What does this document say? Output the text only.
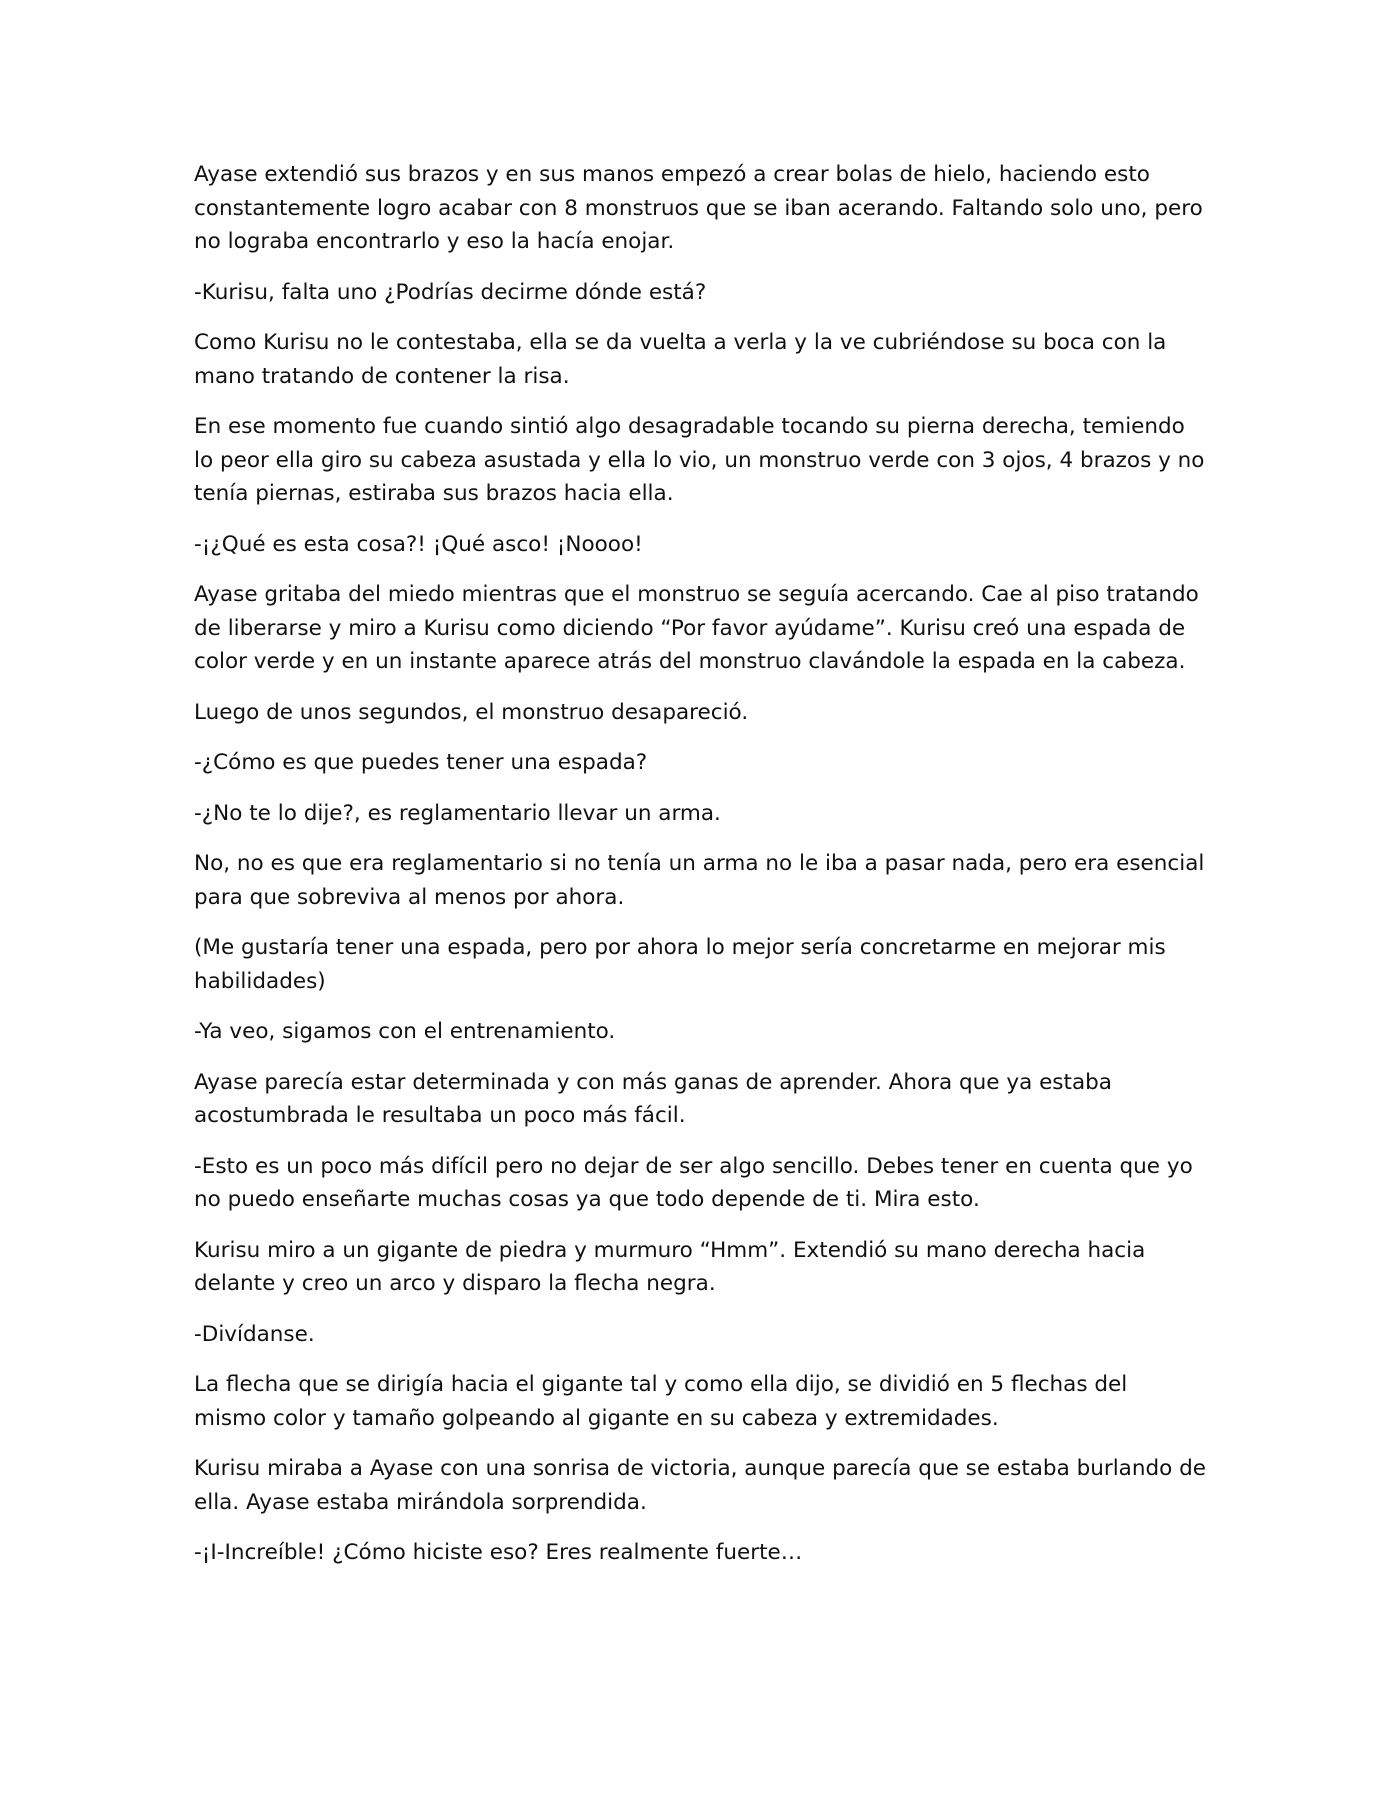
Ayase extendió sus brazos y en sus manos empezó a crear bolas de hielo, haciendo esto constantemente logro acabar con 8 monstruos que se iban acerando. Faltando solo uno, pero no lograba encontrarlo y eso la hacía enojar.

-Kurisu, falta uno ¿Podrías decirme dónde está?

Como Kurisu no le contestaba, ella se da vuelta a verla y la ve cubriéndose su boca con la mano tratando de contener la risa.

En ese momento fue cuando sintió algo desagradable tocando su pierna derecha, temiendo lo peor ella giro su cabeza asustada y ella lo vio, un monstruo verde con 3 ojos, 4 brazos y no tenía piernas, estiraba sus brazos hacia ella.

-¡¿Qué es esta cosa?! ¡Qué asco! ¡Noooo!

Ayase gritaba del miedo mientras que el monstruo se seguía acercando. Cae al piso tratando de liberarse y miro a Kurisu como diciendo “Por favor ayúdame”. Kurisu creó una espada de color verde y en un instante aparece atrás del monstruo clavándole la espada en la cabeza.

Luego de unos segundos, el monstruo desapareció.

-¿Cómo es que puedes tener una espada?

-¿No te lo dije?, es reglamentario llevar un arma.

No, no es que era reglamentario si no tenía un arma no le iba a pasar nada, pero era esencial para que sobreviva al menos por ahora.

(Me gustaría tener una espada, pero por ahora lo mejor sería concretarme en mejorar mis habilidades)

-Ya veo, sigamos con el entrenamiento.

Ayase parecía estar determinada y con más ganas de aprender. Ahora que ya estaba acostumbrada le resultaba un poco más fácil.

-Esto es un poco más difícil pero no dejar de ser algo sencillo. Debes tener en cuenta que yo no puedo enseñarte muchas cosas ya que todo depende de ti. Mira esto.

Kurisu miro a un gigante de piedra y murmuro “Hmm”. Extendió su mano derecha hacia delante y creo un arco y disparo la flecha negra.

-Divídanse.

La flecha que se dirigía hacia el gigante tal y como ella dijo, se dividió en 5 flechas del mismo color y tamaño golpeando al gigante en su cabeza y extremidades.

Kurisu miraba a Ayase con una sonrisa de victoria, aunque parecía que se estaba burlando de ella. Ayase estaba mirándola sorprendida.

-¡I-Increíble! ¿Cómo hiciste eso? Eres realmente fuerte…
